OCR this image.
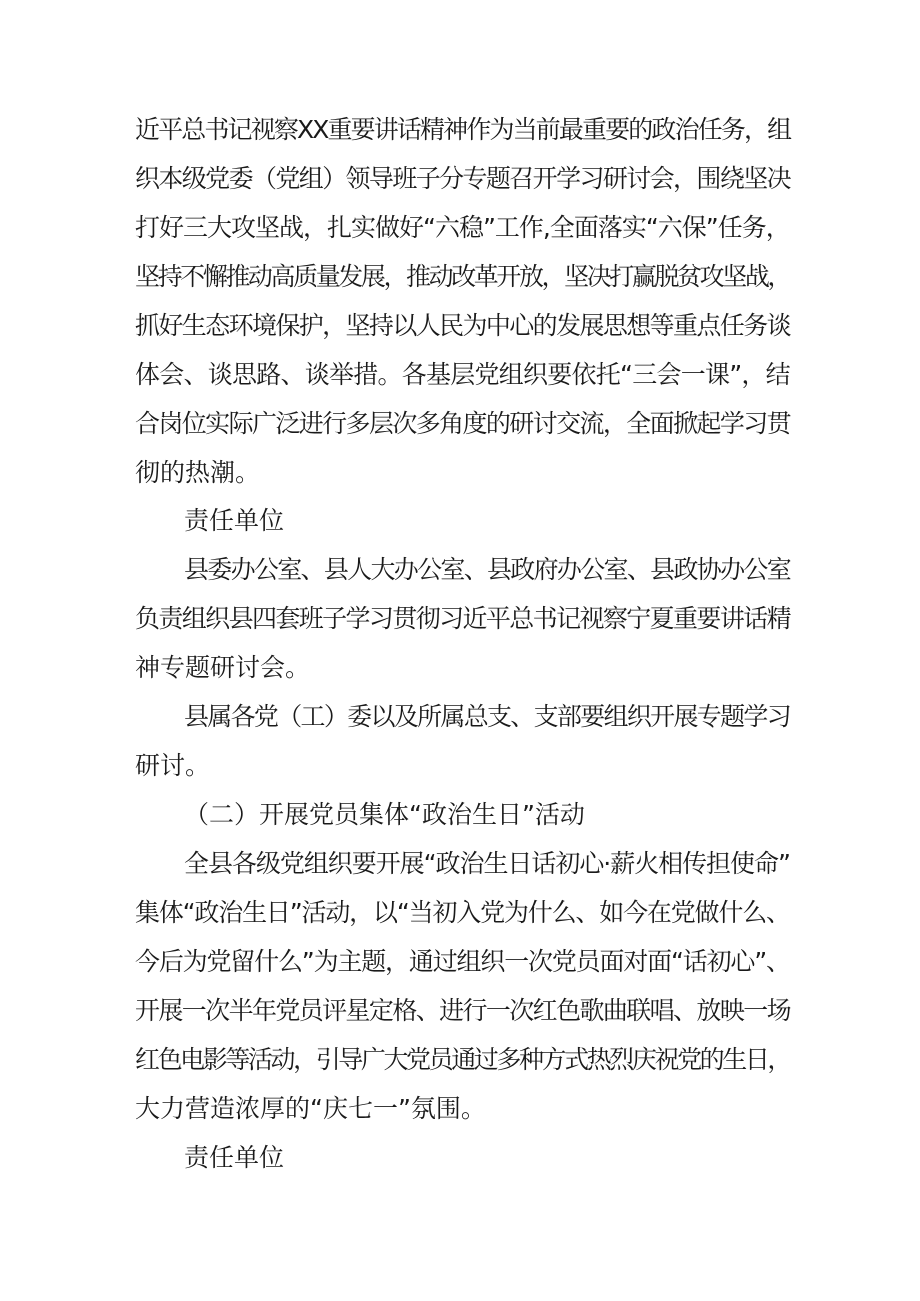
近平总书记视察XX重要讲话精神作为当前最重要的政治任务，组
织本级党委（党组）领导班子分专题召开学习研讨会，围绕坚决
打好三大攻坚战，扎实做好“六稳”工作,全面落实“六保”任务，
坚持不懈推动高质量发展，推动改革开放，坚决打赢脱贫攻坚战，
抓好生态环境保护，坚持以人民为中心的发展思想等重点任务谈
体会、谈思路、谈举措。各基层党组织要依托“三会一课”，结
合岗位实际广泛进行多层次多角度的研讨交流，全面掀起学习贯
彻的热潮。
责任单位
县委办公室、县人大办公室、县政府办公室、县政协办公室
负责组织县四套班子学习贯彻习近平总书记视察宁夏重要讲话精
神专题研讨会。
县属各党（工）委以及所属总支、支部要组织开展专题学习
研讨。
（二）开展党员集体“政治生日”活动
全县各级党组织要开展“政治生日话初心·薪火相传担使命”
集体“政治生日”活动，以“当初入党为什么、如今在党做什么、
今后为党留什么”为主题，通过组织一次党员面对面“话初心”、
开展一次半年党员评星定格、进行一次红色歌曲联唱、放映一场
红色电影等活动，引导广大党员通过多种方式热烈庆祝党的生日，
大力营造浓厚的“庆七一”氛围。
责任单位
